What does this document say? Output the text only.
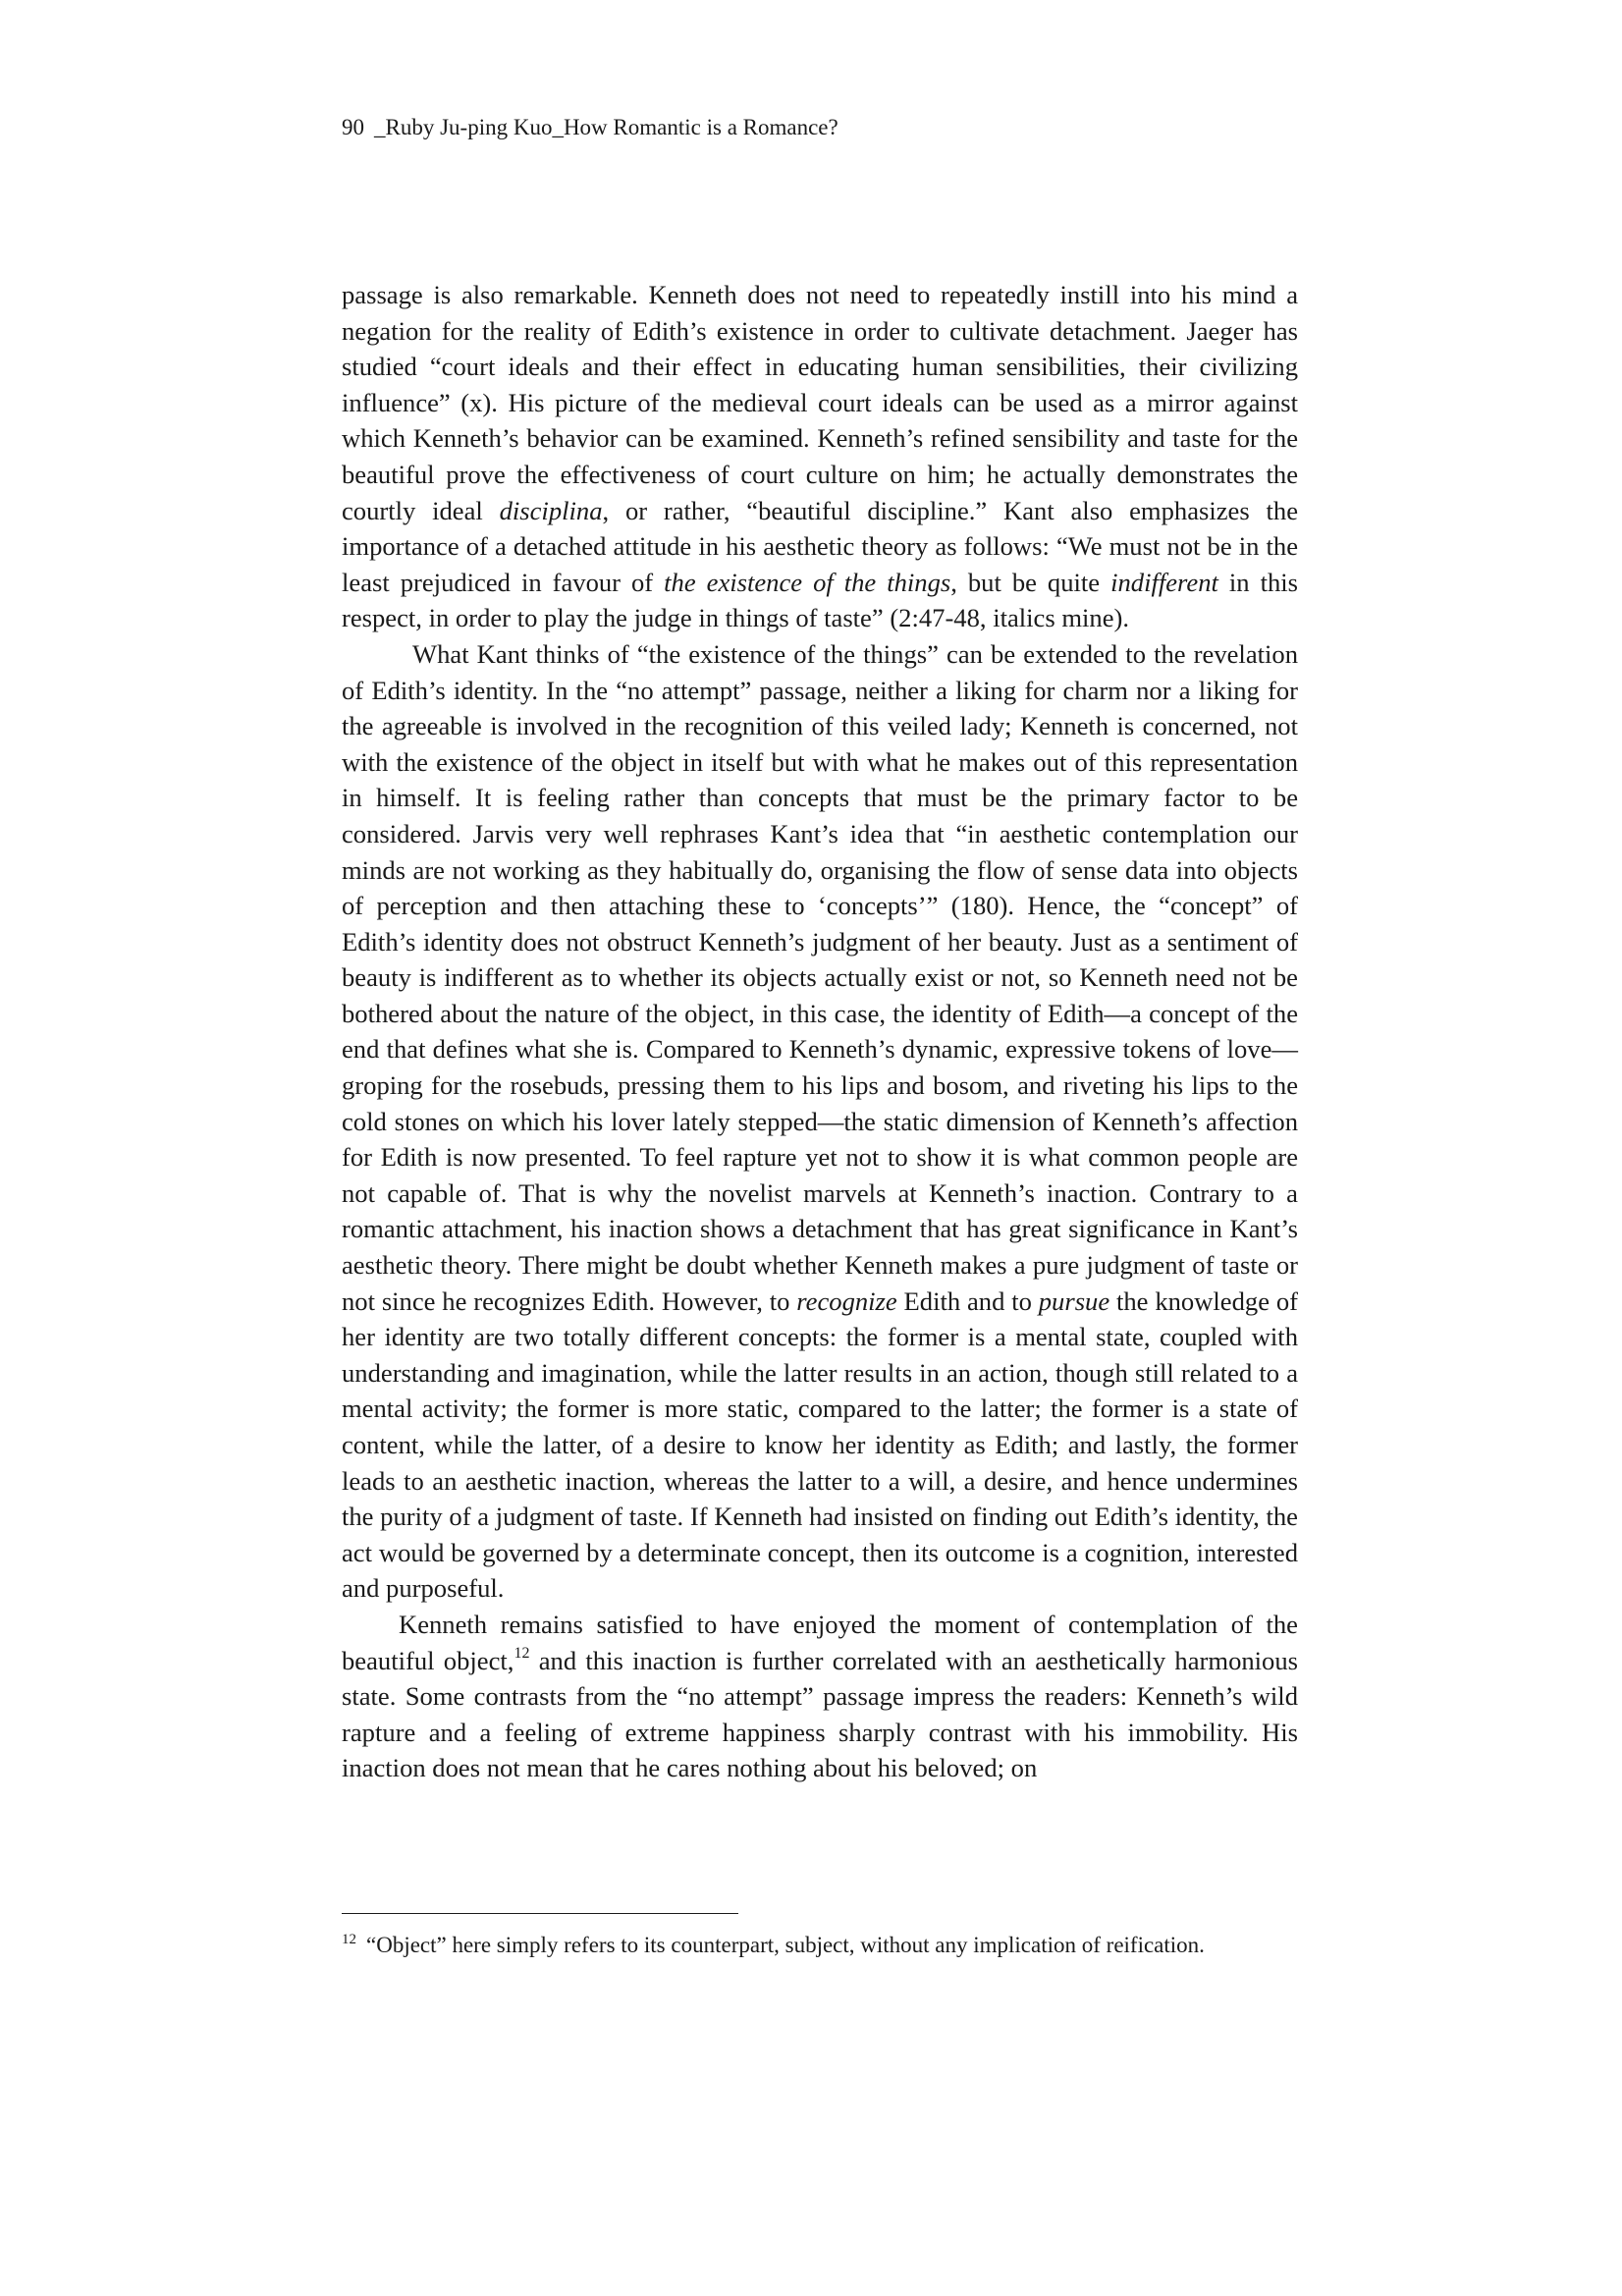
90 _Ruby Ju-ping Kuo_How Romantic is a Romance?

passage is also remarkable. Kenneth does not need to repeatedly instill into his mind a negation for the reality of Edith’s existence in order to cultivate detachment. Jaeger has studied “court ideals and their effect in educating human sensibilities, their civilizing influence” (x). His picture of the medieval court ideals can be used as a mirror against which Kenneth’s behavior can be examined. Kenneth’s refined sensibility and taste for the beautiful prove the effectiveness of court culture on him; he actually demonstrates the courtly ideal disciplina, or rather, “beautiful discipline.” Kant also emphasizes the importance of a detached attitude in his aesthetic theory as follows: “We must not be in the least prejudiced in favour of the existence of the things, but be quite indifferent in this respect, in order to play the judge in things of taste” (2:47-48, italics mine).

What Kant thinks of “the existence of the things” can be extended to the revelation of Edith’s identity. In the “no attempt” passage, neither a liking for charm nor a liking for the agreeable is involved in the recognition of this veiled lady; Kenneth is concerned, not with the existence of the object in itself but with what he makes out of this representation in himself. It is feeling rather than concepts that must be the primary factor to be considered. Jarvis very well rephrases Kant’s idea that “in aesthetic contemplation our minds are not working as they habitually do, organising the flow of sense data into objects of perception and then attaching these to ‘concepts’” (180). Hence, the “concept” of Edith’s identity does not obstruct Kenneth’s judgment of her beauty. Just as a sentiment of beauty is indifferent as to whether its objects actually exist or not, so Kenneth need not be bothered about the nature of the object, in this case, the identity of Edith—a concept of the end that defines what she is. Compared to Kenneth’s dynamic, expressive tokens of love—groping for the rosebuds, pressing them to his lips and bosom, and riveting his lips to the cold stones on which his lover lately stepped—the static dimension of Kenneth’s affection for Edith is now presented. To feel rapture yet not to show it is what common people are not capable of. That is why the novelist marvels at Kenneth’s inaction. Contrary to a romantic attachment, his inaction shows a detachment that has great significance in Kant’s aesthetic theory. There might be doubt whether Kenneth makes a pure judgment of taste or not since he recognizes Edith. However, to recognize Edith and to pursue the knowledge of her identity are two totally different concepts: the former is a mental state, coupled with understanding and imagination, while the latter results in an action, though still related to a mental activity; the former is more static, compared to the latter; the former is a state of content, while the latter, of a desire to know her identity as Edith; and lastly, the former leads to an aesthetic inaction, whereas the latter to a will, a desire, and hence undermines the purity of a judgment of taste. If Kenneth had insisted on finding out Edith’s identity, the act would be governed by a determinate concept, then its outcome is a cognition, interested and purposeful.

Kenneth remains satisfied to have enjoyed the moment of contemplation of the beautiful object,$^{12}$ and this inaction is further correlated with an aesthetically harmonious state. Some contrasts from the “no attempt” passage impress the readers: Kenneth’s wild rapture and a feeling of extreme happiness sharply contrast with his immobility. His inaction does not mean that he cares nothing about his beloved; on

$^{12}$ “Object” here simply refers to its counterpart, subject, without any implication of reification.
